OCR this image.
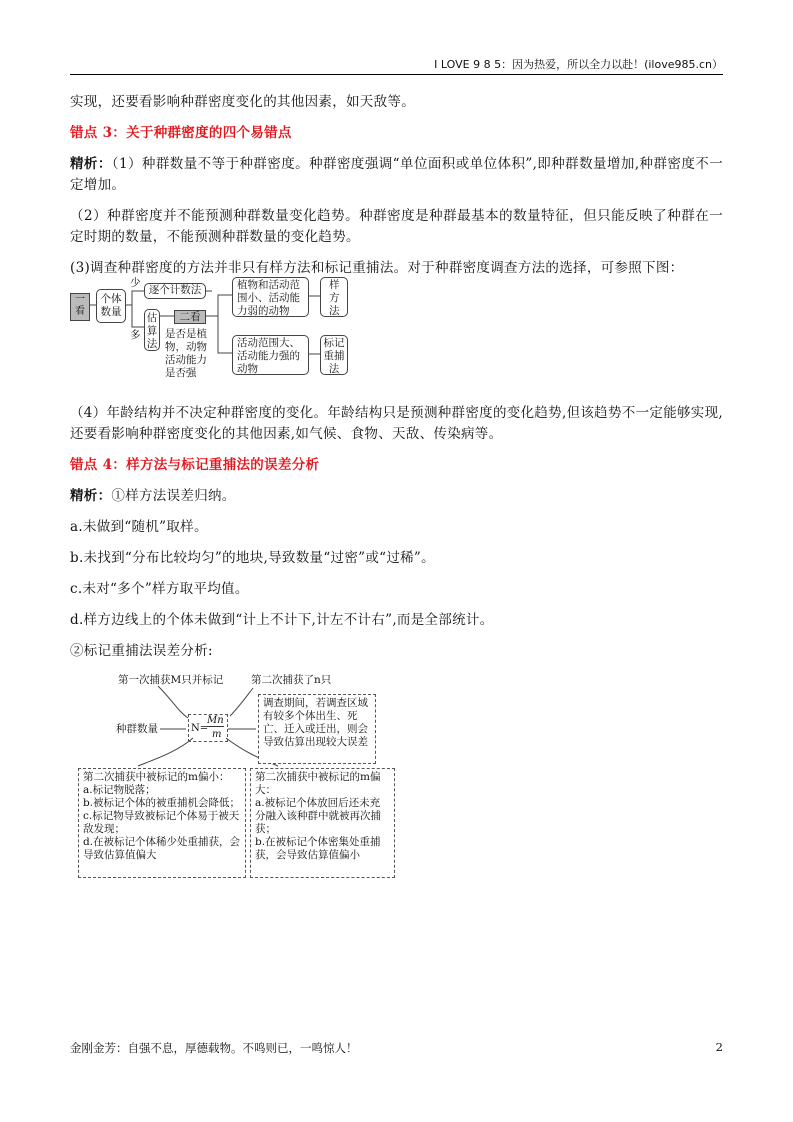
I LOVE 9 8 5：因为热爱，所以全力以赴！(ilove985.cn）

实现，还要看影响种群密度变化的其他因素，如天敌等。

错点 3：关于种群密度的四个易错点

精析：（1）种群数量不等于种群密度。种群密度强调“单位面积或单位体积”,即种群数量增加,种群密度不一定增加。

（2）种群密度并不能预测种群数量变化趋势。种群密度是种群最基本的数量特征，但只能反映了种群在一定时期的数量，不能预测种群数量的变化趋势。

(3)调查种群密度的方法并非只有样方法和标记重捕法。对于种群密度调查方法的选择，可参照下图：

一看
个体数量
少
多
逐个计数法
估算法
二看
是否是植物，动物活动能力是否强
植物和活动范围小、活动能力弱的动物
活动范围大、活动能力强的动物
样方法
标记重捕法

（4）年龄结构并不决定种群密度的变化。年龄结构只是预测种群密度的变化趋势,但该趋势不一定能够实现,还要看影响种群密度变化的其他因素,如气候、食物、天敌、传染病等。

错点 4：样方法与标记重捕法的误差分析

精析：①样方法误差归纳。

a.未做到“随机”取样。

b.未找到“分布比较均匀”的地块,导致数量“过密”或“过稀”。

c.未对“多个”样方取平均值。

d.样方边线上的个体未做到“计上不计下,计左不计右”,而是全部统计。

②标记重捕法误差分析:

第一次捕获M只并标记	第二次捕获了n只
种群数量	N=
Mn
m
调查期间，若调查区域有较多个体出生、死亡、迁入或迁出，则会导致估算出现较大误差
第二次捕获中被标记的m偏小：
a.标记物脱落；
b.被标记个体的被重捕机会降低；
c.标记物导致被标记个体易于被天敌发现；
d.在被标记个体稀少处重捕获，会导致估算值偏大
第二次捕获中被标记的m偏大：
a.被标记个体放回后还未充分融入该种群中就被再次捕获；
b.在被标记个体密集处重捕获，会导致估算值偏小
金刚金芳：自强不息，厚德载物。不鸣则已，一鸣惊人！	2
